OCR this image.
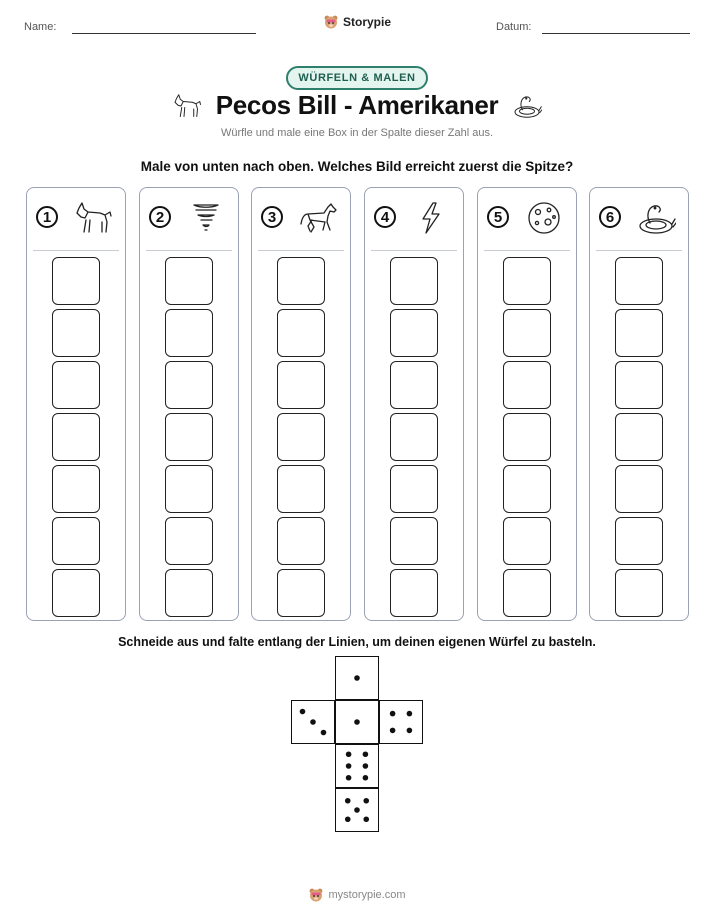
Name:	Storypie	Datum:
WÜRFELN & MALEN
Pecos Bill - Amerikaner
Würfle und male eine Box in der Spalte dieser Zahl aus.
Male von unten nach oben. Welches Bild erreicht zuerst die Spitze?
1	2	3	4	5	6
Schneide aus und falte entlang der Linien, um deinen eigenen Würfel zu basteln.
mystorypie.com
